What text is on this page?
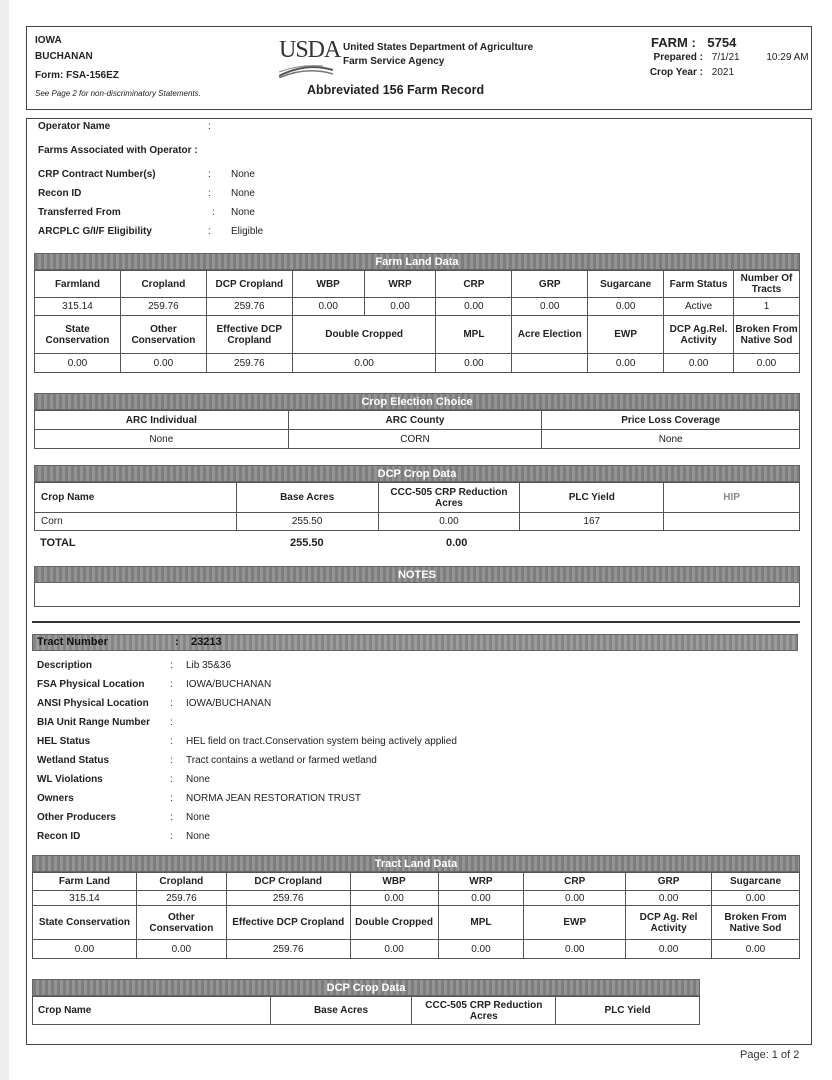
IOWA
BUCHANAN
Form: FSA-156EZ
See Page 2 for non-discriminatory Statements.
USDA United States Department of Agriculture
Farm Service Agency
Abbreviated 156 Farm Record
FARM : 5754
Prepared : 7/1/21	10:29 AM
Crop Year : 2021
Operator Name	:
Farms Associated with Operator :
CRP Contract Number(s)	: None
Recon ID	: None
Transferred From	: None
ARCPLC G/I/F Eligibility	: Eligible
Farm Land Data
Farmland	Cropland	DCP Cropland	WBP	WRP	CRP	GRP	Sugarcane	Farm Status	Number Of Tracts
315.14	259.76	259.76	0.00	0.00	0.00	0.00	0.00	Active	1
State Conservation	Other Conservation	Effective DCP Cropland	Double Cropped		MPL	Acre Election	EWP	DCP Ag.Rel. Activity	Broken From Native Sod
0.00	0.00	259.76	0.00		0.00		0.00	0.00	0.00
Crop Election Choice
ARC Individual	ARC County	Price Loss Coverage
None	CORN	None
DCP Crop Data
Crop Name	Base Acres	CCC-505 CRP Reduction Acres	PLC Yield	HIP
Corn	255.50	0.00	167	
TOTAL	255.50	0.00
NOTES
Tract Number	: 23213
Description	: Lib 35&36
FSA Physical Location	: IOWA/BUCHANAN
ANSI Physical Location : IOWA/BUCHANAN
BIA Unit Range Number :
HEL Status	: HEL field on tract.Conservation system being actively applied
Wetland Status	: Tract contains a wetland or farmed wetland
WL Violations	: None
Owners	: NORMA JEAN RESTORATION TRUST
Other Producers	: None
Recon ID	: None
Tract Land Data
Farm Land	Cropland	DCP Cropland	WBP	WRP	CRP	GRP	Sugarcane
315.14	259.76	259.76	0.00	0.00	0.00	0.00	0.00
State Conservation	Other Conservation	Effective DCP Cropland	Double Cropped	MPL	EWP	DCP Ag. Rel Activity	Broken From Native Sod
0.00	0.00	259.76	0.00	0.00	0.00	0.00	0.00
DCP Crop Data
Crop Name	Base Acres	CCC-505 CRP Reduction Acres	PLC Yield
Page: 1 of 2
